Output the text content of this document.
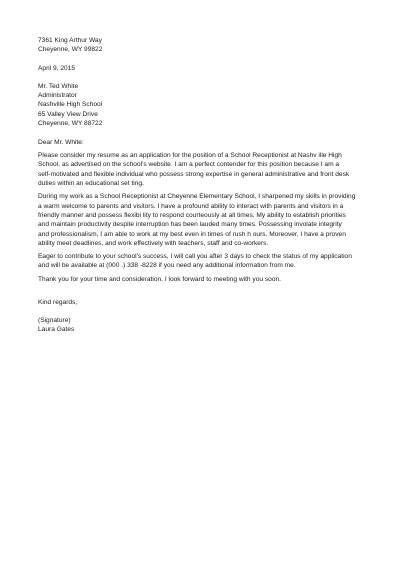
7361 King Arthur Way
Cheyenne, WY 99822
April 9, 2015
Mr. Ted White
Administrator
Nashville High School
65 Valley View Drive
Cheyenne, WY 88722
Dear Mr. White:
Please consider my resume as an application for the position of a School Receptionist at Nashv ille High
School, as advertised on the school's website. I am a perfect contender for this position because I am a
self-motivated and flexible individual who possess strong expertise in general administrative and front desk
duties within an educational set ting.
During my work as a School Receptionist at Cheyenne Elementary School, I sharpened my skills in providing
a warm welcome to parents and visitors. I have a profound ability to interact with parents and visitors in a
friendly manner and possess flexibi lity to respond courteously at all times. My ability to establish priorities
and maintain productivity despite interruption has been lauded many times. Possessing involate integrity
and professionalism, I am able to work at my best even in times of rush h ours. Moreover, I have a proven
ability meet deadlines, and work effectively with teachers, staff and co-workers.
Eager to contribute to your school's success, I will call you after 3 days to check the status of my application
and will be available at (000 .) 338 -8228 if you need any additional information from me.
Thank you for your time and consideration. I look forward to meeting with you soon.
Kind regards,
(Signature)
Laura Gates
